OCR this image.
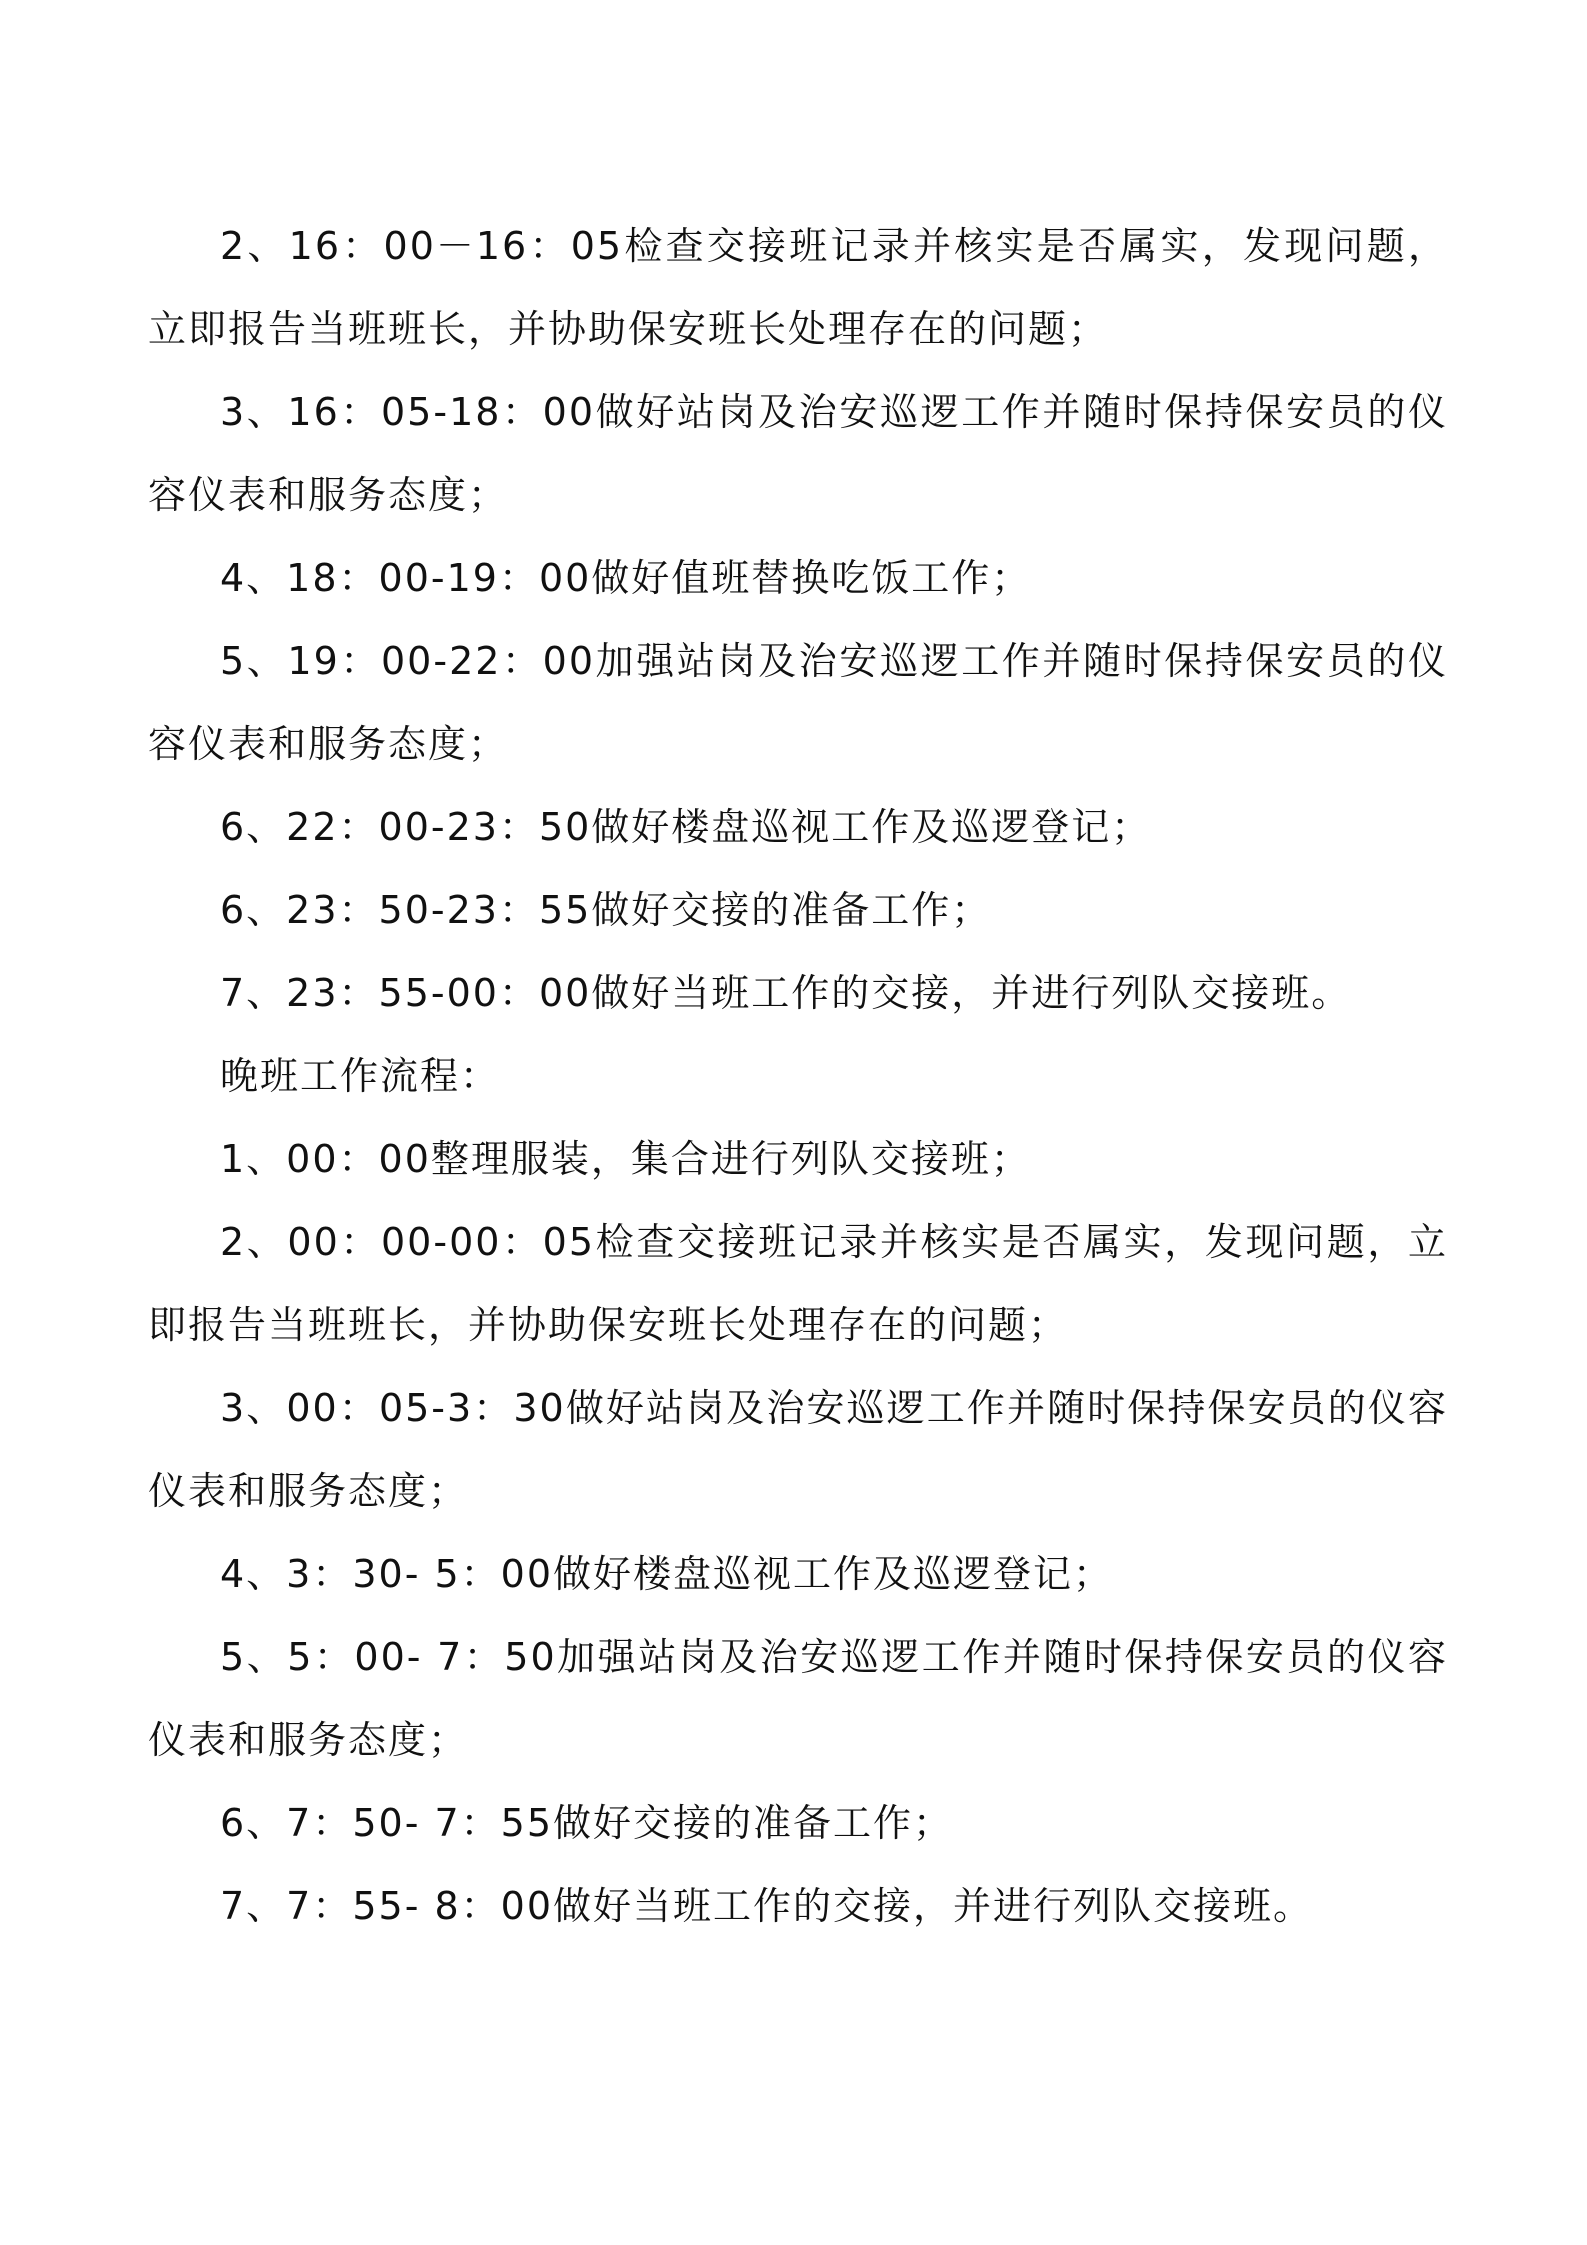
2、16：00－16：05检查交接班记录并核实是否属实，发现问题，立即报告当班班长，并协助保安班长处理存在的问题；

3、16：05-18：00做好站岗及治安巡逻工作并随时保持保安员的仪容仪表和服务态度；

4、18：00-19：00做好值班替换吃饭工作；

5、19：00-22：00加强站岗及治安巡逻工作并随时保持保安员的仪容仪表和服务态度；

6、22：00-23：50做好楼盘巡视工作及巡逻登记；

6、23：50-23：55做好交接的准备工作；

7、23：55-00：00做好当班工作的交接，并进行列队交接班。

晚班工作流程：

1、00：00整理服装，集合进行列队交接班；

2、00：00-00：05检查交接班记录并核实是否属实，发现问题，立即报告当班班长，并协助保安班长处理存在的问题；

3、00：05-3：30做好站岗及治安巡逻工作并随时保持保安员的仪容仪表和服务态度；

4、3：30- 5：00做好楼盘巡视工作及巡逻登记；

5、5：00- 7：50加强站岗及治安巡逻工作并随时保持保安员的仪容仪表和服务态度；

6、7：50- 7：55做好交接的准备工作；

7、7：55- 8：00做好当班工作的交接，并进行列队交接班。
